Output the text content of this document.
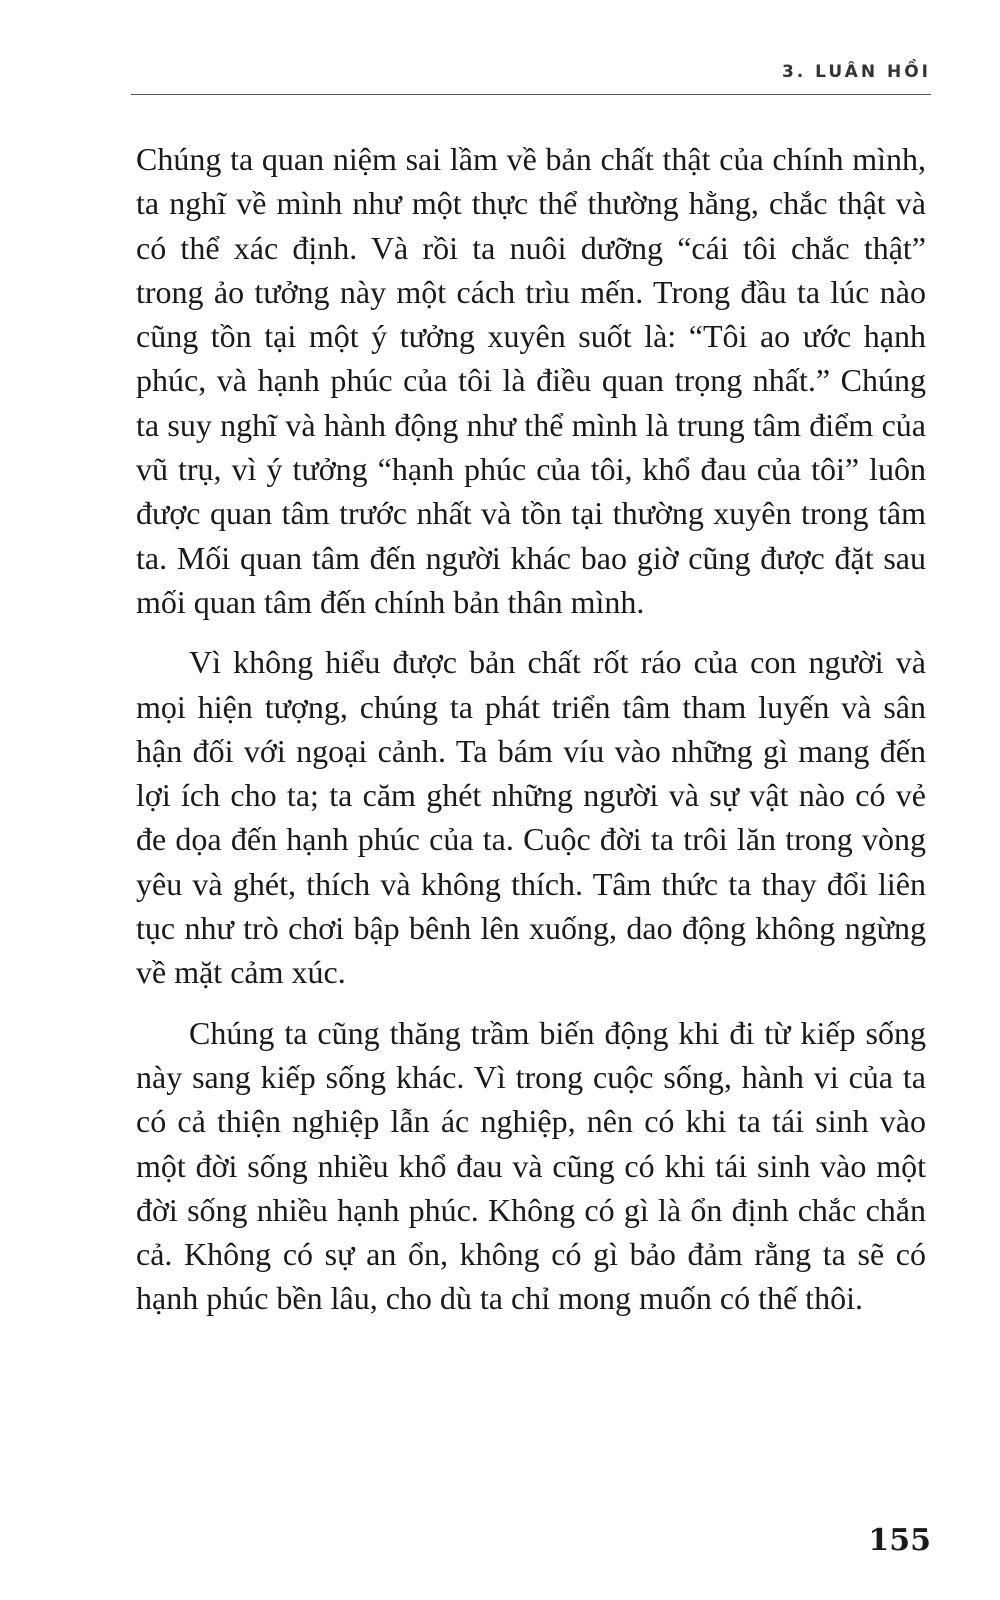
3. LUÂN HỒI

Chúng ta quan niệm sai lầm về bản chất thật của chính mình, ta nghĩ về mình như một thực thể thường hằng, chắc thật và có thể xác định. Và rồi ta nuôi dưỡng “cái tôi chắc thật” trong ảo tưởng này một cách trìu mến. Trong đầu ta lúc nào cũng tồn tại một ý tưởng xuyên suốt là: “Tôi ao ước hạnh phúc, và hạnh phúc của tôi là điều quan trọng nhất.” Chúng ta suy nghĩ và hành động như thể mình là trung tâm điểm của vũ trụ, vì ý tưởng “hạnh phúc của tôi, khổ đau của tôi” luôn được quan tâm trước nhất và tồn tại thường xuyên trong tâm ta. Mối quan tâm đến người khác bao giờ cũng được đặt sau mối quan tâm đến chính bản thân mình.

Vì không hiểu được bản chất rốt ráo của con người và mọi hiện tượng, chúng ta phát triển tâm tham luyến và sân hận đối với ngoại cảnh. Ta bám víu vào những gì mang đến lợi ích cho ta; ta căm ghét những người và sự vật nào có vẻ đe dọa đến hạnh phúc của ta. Cuộc đời ta trôi lăn trong vòng yêu và ghét, thích và không thích. Tâm thức ta thay đổi liên tục như trò chơi bập bênh lên xuống, dao động không ngừng về mặt cảm xúc.

Chúng ta cũng thăng trầm biến động khi đi từ kiếp sống này sang kiếp sống khác. Vì trong cuộc sống, hành vi của ta có cả thiện nghiệp lẫn ác nghiệp, nên có khi ta tái sinh vào một đời sống nhiều khổ đau và cũng có khi tái sinh vào một đời sống nhiều hạnh phúc. Không có gì là ổn định chắc chắn cả. Không có sự an ổn, không có gì bảo đảm rằng ta sẽ có hạnh phúc bền lâu, cho dù ta chỉ mong muốn có thế thôi.

155
